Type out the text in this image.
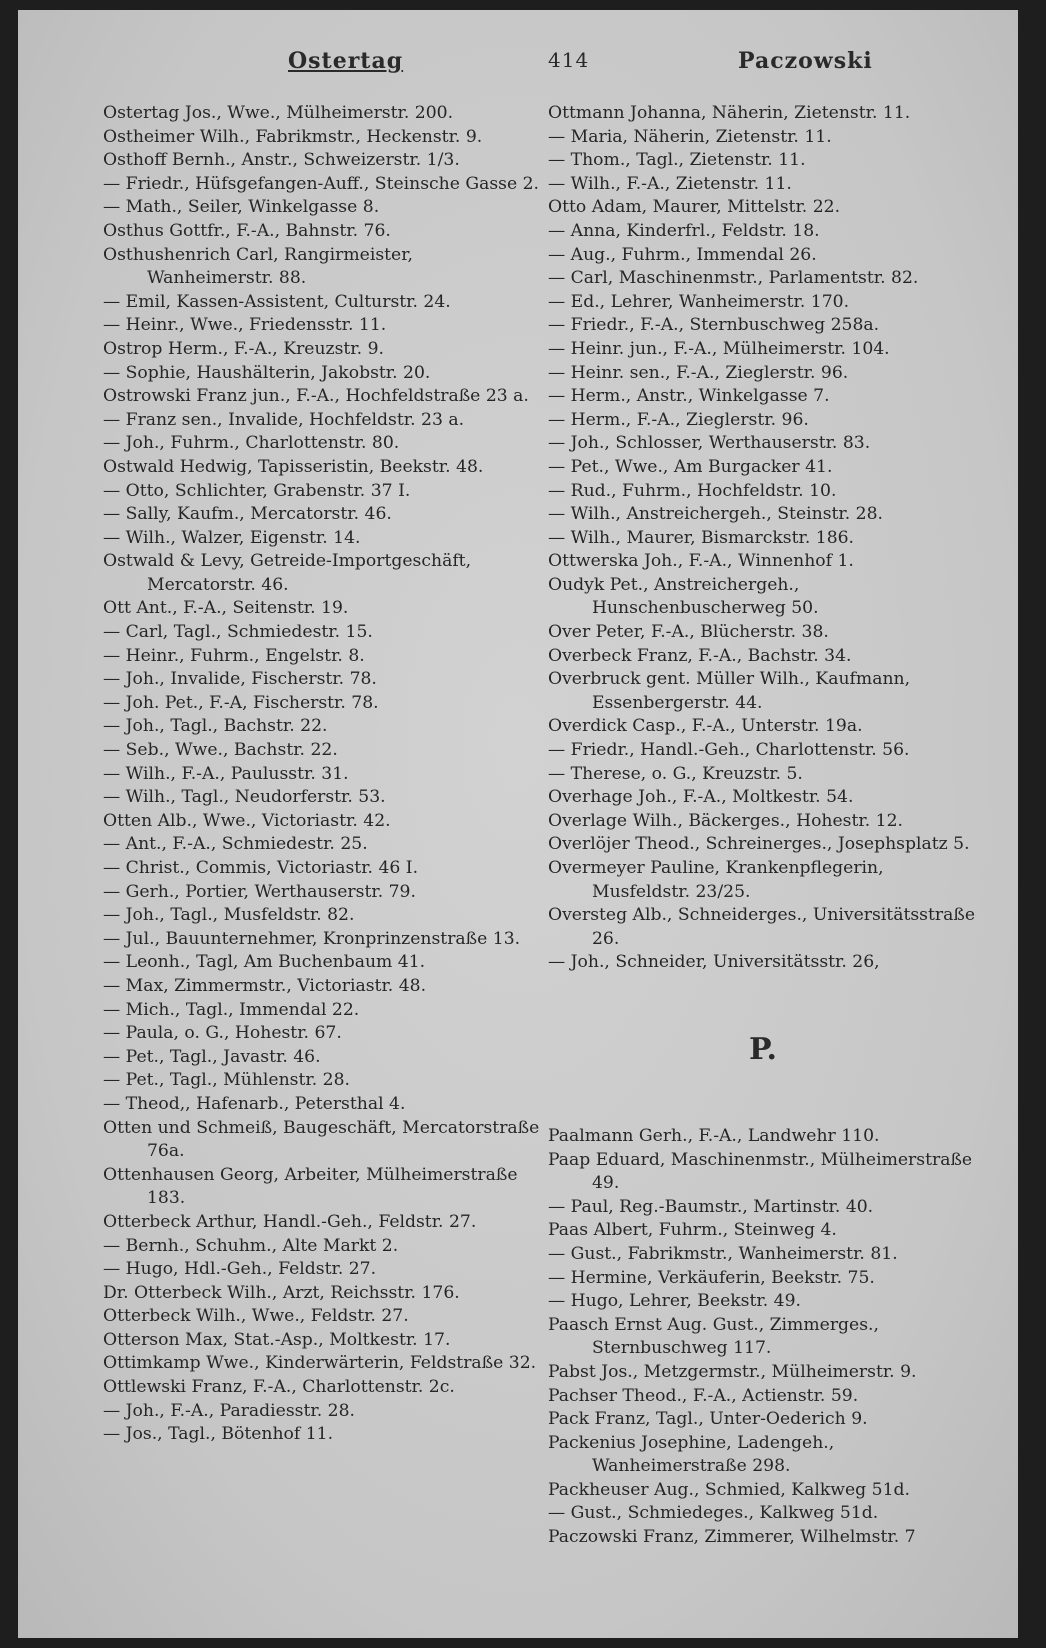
Ostertag	414	Paczowski

Ostertag Jos., Wwe., Mülheimerstr. 200.

Ostheimer Wilh., Fabrikmstr., Heckenstr. 9.

Osthoff Bernh., Anstr., Schweizerstr. 1/3.

— Friedr., Hüfsgefangen-Auff., Steinsche Gasse 2.

— Math., Seiler, Winkelgasse 8.

Osthus Gottfr., F.-A., Bahnstr. 76.

Osthushenrich Carl, Rangirmeister, Wanheimerstr. 88.

— Emil, Kassen-Assistent, Culturstr. 24.

— Heinr., Wwe., Friedensstr. 11.

Ostrop Herm., F.-A., Kreuzstr. 9.

— Sophie, Haushälterin, Jakobstr. 20.

Ostrowski Franz jun., F.-A., Hochfeldstraße 23 a.

— Franz sen., Invalide, Hochfeldstr. 23 a.

— Joh., Fuhrm., Charlottenstr. 80.

Ostwald Hedwig, Tapisseristin, Beekstr. 48.

— Otto, Schlichter, Grabenstr. 37 I.

— Sally, Kaufm., Mercatorstr. 46.

— Wilh., Walzer, Eigenstr. 14.

Ostwald & Levy, Getreide-Importgeschäft, Mercatorstr. 46.

Ott Ant., F.-A., Seitenstr. 19.

— Carl, Tagl., Schmiedestr. 15.

— Heinr., Fuhrm., Engelstr. 8.

— Joh., Invalide, Fischerstr. 78.

— Joh. Pet., F.-A, Fischerstr. 78.

— Joh., Tagl., Bachstr. 22.

— Seb., Wwe., Bachstr. 22.

— Wilh., F.-A., Paulusstr. 31.

— Wilh., Tagl., Neudorferstr. 53.

Otten Alb., Wwe., Victoriastr. 42.

— Ant., F.-A., Schmiedestr. 25.

— Christ., Commis, Victoriastr. 46 I.

— Gerh., Portier, Werthauserstr. 79.

— Joh., Tagl., Musfeldstr. 82.

— Jul., Bauunternehmer, Kronprinzenstraße 13.

— Leonh., Tagl, Am Buchenbaum 41.

— Max, Zimmermstr., Victoriastr. 48.

— Mich., Tagl., Immendal 22.

— Paula, o. G., Hohestr. 67.

— Pet., Tagl., Javastr. 46.

— Pet., Tagl., Mühlenstr. 28.

— Theod,, Hafenarb., Petersthal 4.

Otten und Schmeiß, Baugeschäft, Mercatorstraße 76a.

Ottenhausen Georg, Arbeiter, Mülheimerstraße 183.

Otterbeck Arthur, Handl.-Geh., Feldstr. 27.

— Bernh., Schuhm., Alte Markt 2.

— Hugo, Hdl.-Geh., Feldstr. 27.

Dr. Otterbeck Wilh., Arzt, Reichsstr. 176.

Otterbeck Wilh., Wwe., Feldstr. 27.

Otterson Max, Stat.-Asp., Moltkestr. 17.

Ottimkamp Wwe., Kinderwärterin, Feldstraße 32.

Ottlewski Franz, F.-A., Charlottenstr. 2c.

— Joh., F.-A., Paradiesstr. 28.

— Jos., Tagl., Bötenhof 11.

Ottmann Johanna, Näherin, Zietenstr. 11.

— Maria, Näherin, Zietenstr. 11.

— Thom., Tagl., Zietenstr. 11.

— Wilh., F.-A., Zietenstr. 11.

Otto Adam, Maurer, Mittelstr. 22.

— Anna, Kinderfrl., Feldstr. 18.

— Aug., Fuhrm., Immendal 26.

— Carl, Maschinenmstr., Parlamentstr. 82.

— Ed., Lehrer, Wanheimerstr. 170.

— Friedr., F.-A., Sternbuschweg 258a.

— Heinr. jun., F.-A., Mülheimerstr. 104.

— Heinr. sen., F.-A., Zieglerstr. 96.

— Herm., Anstr., Winkelgasse 7.

— Herm., F.-A., Zieglerstr. 96.

— Joh., Schlosser, Werthauserstr. 83.

— Pet., Wwe., Am Burgacker 41.

— Rud., Fuhrm., Hochfeldstr. 10.

— Wilh., Anstreichergeh., Steinstr. 28.

— Wilh., Maurer, Bismarckstr. 186.

Ottwerska Joh., F.-A., Winnenhof 1.

Oudyk Pet., Anstreichergeh., Hunschenbuscherweg 50.

Over Peter, F.-A., Blücherstr. 38.

Overbeck Franz, F.-A., Bachstr. 34.

Overbruck gent. Müller Wilh., Kaufmann, Essenbergerstr. 44.

Overdick Casp., F.-A., Unterstr. 19a.

— Friedr., Handl.-Geh., Charlottenstr. 56.

— Therese, o. G., Kreuzstr. 5.

Overhage Joh., F.-A., Moltkestr. 54.

Overlage Wilh., Bäckerges., Hohestr. 12.

Overlöjer Theod., Schreinerges., Josephsplatz 5.

Overmeyer Pauline, Krankenpflegerin, Musfeldstr. 23/25.

Oversteg Alb., Schneiderges., Universitätsstraße 26.

— Joh., Schneider, Universitätsstr. 26,

P.

Paalmann Gerh., F.-A., Landwehr 110.

Paap Eduard, Maschinenmstr., Mülheimerstraße 49.

— Paul, Reg.-Baumstr., Martinstr. 40.

Paas Albert, Fuhrm., Steinweg 4.

— Gust., Fabrikmstr., Wanheimerstr. 81.

— Hermine, Verkäuferin, Beekstr. 75.

— Hugo, Lehrer, Beekstr. 49.

Paasch Ernst Aug. Gust., Zimmerges., Sternbuschweg 117.

Pabst Jos., Metzgermstr., Mülheimerstr. 9.

Pachser Theod., F.-A., Actienstr. 59.

Pack Franz, Tagl., Unter-Oederich 9.

Packenius Josephine, Ladengeh., Wanheimerstraße 298.

Packheuser Aug., Schmied, Kalkweg 51d.

— Gust., Schmiedeges., Kalkweg 51d.

Paczowski Franz, Zimmerer, Wilhelmstr. 7
